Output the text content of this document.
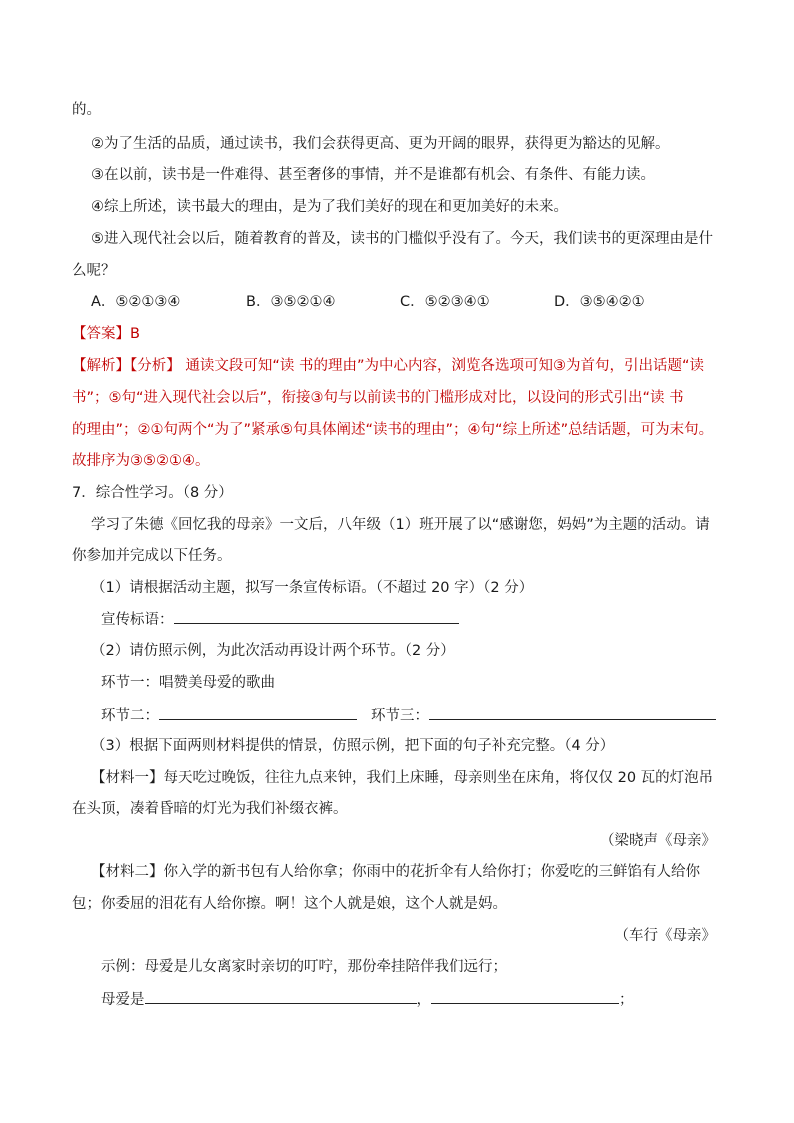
的。
②为了生活的品质，通过读书，我们会获得更高、更为开阔的眼界，获得更为豁达的见解。
③在以前，读书是一件难得、甚至奢侈的事情，并不是谁都有机会、有条件、有能力读。
④综上所述，读书最大的理由，是为了我们美好的现在和更加美好的未来。
⑤进入现代社会以后，随着教育的普及，读书的门槛似乎没有了。今天，我们读书的更深理由是什
么呢？
A．⑤②①③④	B．③⑤②①④	C．⑤②③④①	D．③⑤④②①
【答案】B
【解析】【分析】 通读文段可知“读 书的理由”为中心内容，浏览各选项可知③为首句，引出话题“读
书”；⑤句“进入现代社会以后”，衔接③句与以前读书的门槛形成对比，以设问的形式引出“读 书
的理由”；②①句两个“为了”紧承⑤句具体阐述“读书的理由”；④句“综上所述”总结话题，可为末句。
故排序为③⑤②①④。
7．综合性学习。（8 分）
学习了朱德《回忆我的母亲》一文后，八年级（1）班开展了以“感谢您，妈妈”为主题的活动。请
你参加并完成以下任务。
（1）请根据活动主题，拟写一条宣传标语。（不超过 20 字）（2 分）
宣传标语：
（2）请仿照示例，为此次活动再设计两个环节。（2 分）
环节一：唱赞美母爱的歌曲
环节二：	环节三：
（3）根据下面两则材料提供的情景，仿照示例，把下面的句子补充完整。（4 分）
【材料一】每天吃过晚饭，往往九点来钟，我们上床睡，母亲则坐在床角，将仅仅 20 瓦的灯泡吊
在头顶，凑着昏暗的灯光为我们补缀衣裤。
（梁晓声《母亲》
【材料二】你入学的新书包有人给你拿；你雨中的花折伞有人给你打；你爱吃的三鲜馅有人给你
包；你委屈的泪花有人给你擦。啊！这个人就是娘，这个人就是妈。
（车行《母亲》
示例：母爱是儿女离家时亲切的叮咛，那份牵挂陪伴我们远行；
母爱是	，	；
